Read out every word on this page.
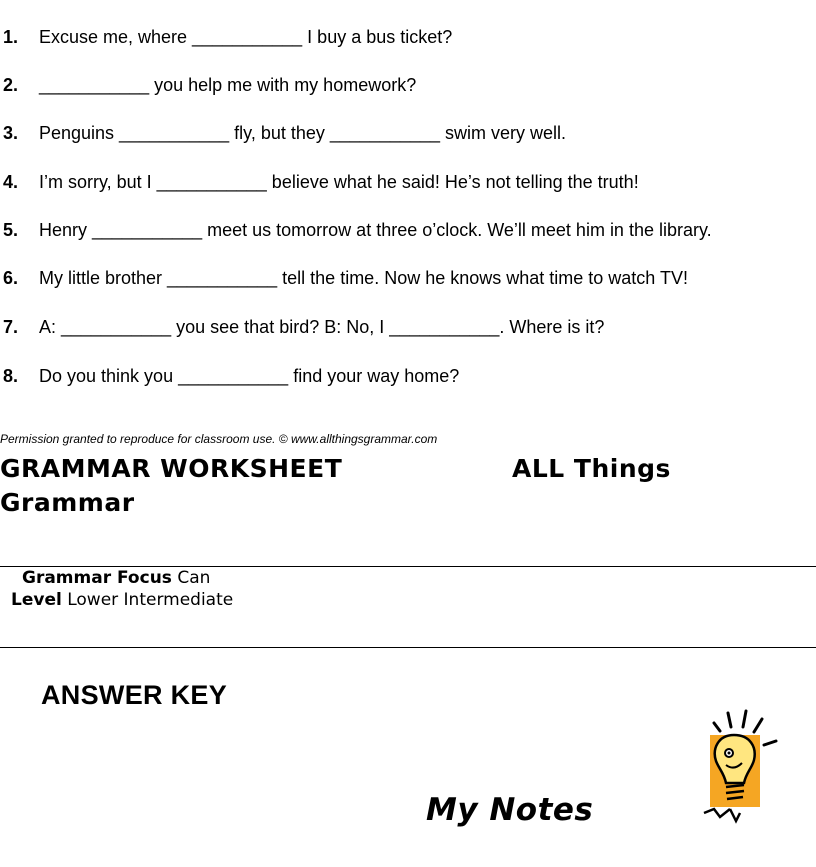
1. Excuse me, where ___________ I buy a bus ticket?
2. ___________ you help me with my homework?
3. Penguins ___________ fly, but they ___________ swim very well.
4. I’m sorry, but I ___________ believe what he said! He’s not telling the truth!
5. Henry ___________ meet us tomorrow at three o’clock. We’ll meet him in the library.
6. My little brother ___________ tell the time. Now he knows what time to watch TV!
7. A: ___________ you see that bird? B: No, I ___________. Where is it?
8. Do you think you ___________ find your way home?
Permission granted to reproduce for classroom use. © www.allthingsgrammar.com
GRAMMAR WORKSHEET
Grammar
ALL Things
Grammar Focus Can
Level Lower Intermediate
ANSWER KEY
My Notes
